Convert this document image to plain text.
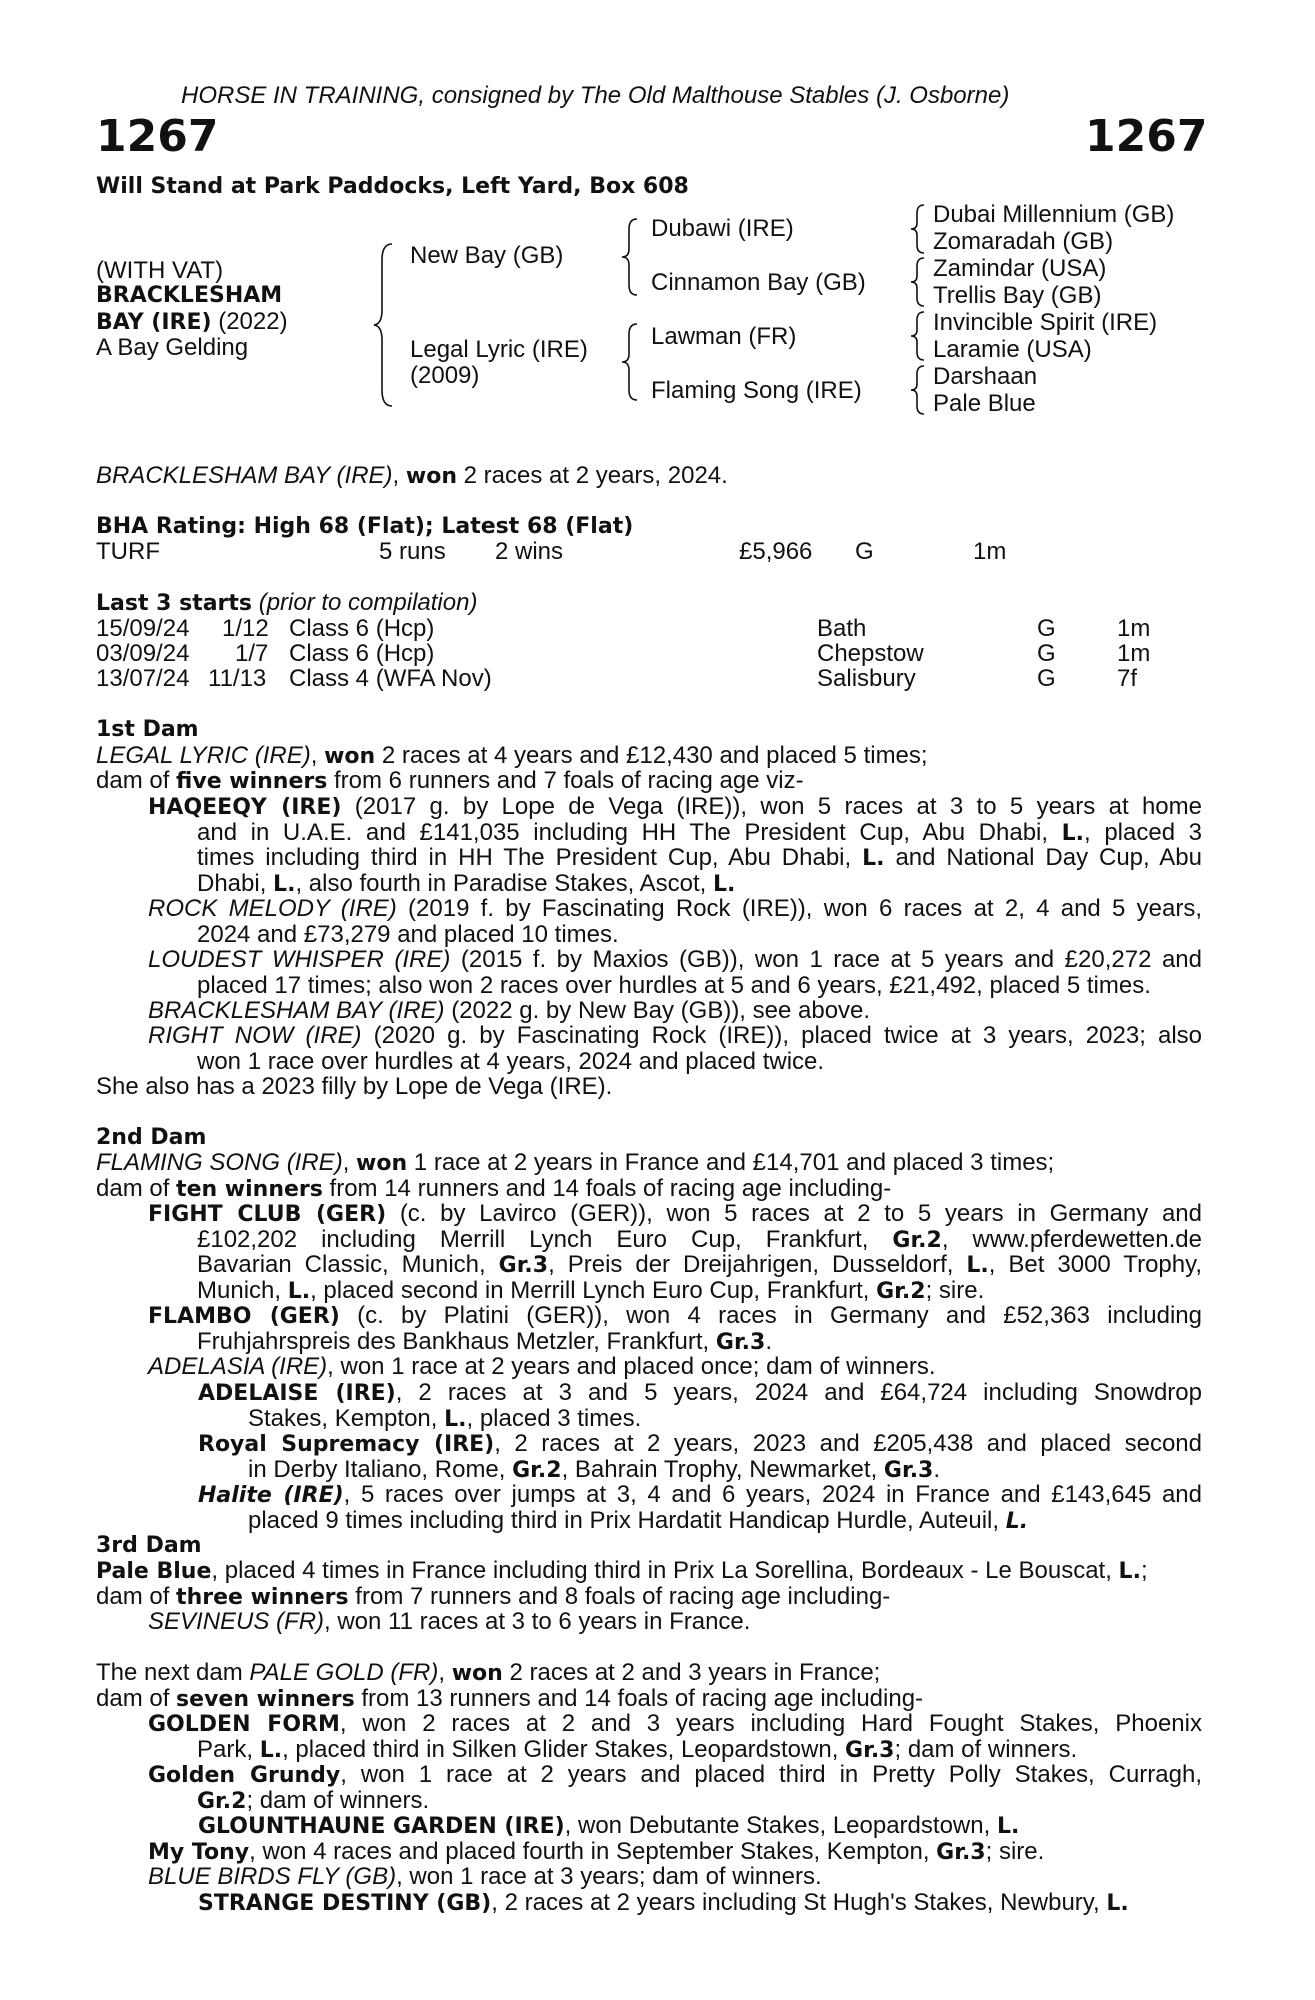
HORSE IN TRAINING, consigned by The Old Malthouse Stables (J. Osborne)
1267	1267
Will Stand at Park Paddocks, Left Yard, Box 608
(WITH VAT)
BRACKLESHAM
BAY (IRE) (2022)
A Bay Gelding
New Bay (GB)
Legal Lyric (IRE)
(2009)
Dubawi (IRE)
Cinnamon Bay (GB)
Lawman (FR)
Flaming Song (IRE)
Dubai Millennium (GB)
Zomaradah (GB)
Zamindar (USA)
Trellis Bay (GB)
Invincible Spirit (IRE)
Laramie (USA)
Darshaan
Pale Blue
BRACKLESHAM BAY (IRE), won 2 races at 2 years, 2024.
BHA Rating: High 68 (Flat); Latest 68 (Flat)
TURF	5 runs 2 wins	£5,966 G	1m
Last 3 starts (prior to compilation)
15/09/24 1/12 Class 6 (Hcp)	Bath	G	1m
03/09/24 1/7 Class 6 (Hcp)	Chepstow	G	1m
13/07/24 11/13 Class 4 (WFA Nov)	Salisbury	G	7f
1st Dam
LEGAL LYRIC (IRE), won 2 races at 4 years and £12,430 and placed 5 times;
dam of five winners from 6 runners and 7 foals of racing age viz-
HAQEEQY (IRE) (2017 g. by Lope de Vega (IRE)), won 5 races at 3 to 5 years at home
and in U.A.E. and £141,035 including HH The President Cup, Abu Dhabi, L., placed 3
times including third in HH The President Cup, Abu Dhabi, L. and National Day Cup, Abu
Dhabi, L., also fourth in Paradise Stakes, Ascot, L.
ROCK MELODY (IRE) (2019 f. by Fascinating Rock (IRE)), won 6 races at 2, 4 and 5 years,
2024 and £73,279 and placed 10 times.
LOUDEST WHISPER (IRE) (2015 f. by Maxios (GB)), won 1 race at 5 years and £20,272 and
placed 17 times; also won 2 races over hurdles at 5 and 6 years, £21,492, placed 5 times.
BRACKLESHAM BAY (IRE) (2022 g. by New Bay (GB)), see above.
RIGHT NOW (IRE) (2020 g. by Fascinating Rock (IRE)), placed twice at 3 years, 2023; also
won 1 race over hurdles at 4 years, 2024 and placed twice.
She also has a 2023 filly by Lope de Vega (IRE).
2nd Dam
FLAMING SONG (IRE), won 1 race at 2 years in France and £14,701 and placed 3 times;
dam of ten winners from 14 runners and 14 foals of racing age including-
FIGHT CLUB (GER) (c. by Lavirco (GER)), won 5 races at 2 to 5 years in Germany and
£102,202 including Merrill Lynch Euro Cup, Frankfurt, Gr.2, www.pferdewetten.de
Bavarian Classic, Munich, Gr.3, Preis der Dreijahrigen, Dusseldorf, L., Bet 3000 Trophy,
Munich, L., placed second in Merrill Lynch Euro Cup, Frankfurt, Gr.2; sire.
FLAMBO (GER) (c. by Platini (GER)), won 4 races in Germany and £52,363 including
Fruhjahrspreis des Bankhaus Metzler, Frankfurt, Gr.3.
ADELASIA (IRE), won 1 race at 2 years and placed once; dam of winners.
ADELAISE (IRE), 2 races at 3 and 5 years, 2024 and £64,724 including Snowdrop
Stakes, Kempton, L., placed 3 times.
Royal Supremacy (IRE), 2 races at 2 years, 2023 and £205,438 and placed second
in Derby Italiano, Rome, Gr.2, Bahrain Trophy, Newmarket, Gr.3.
Halite (IRE), 5 races over jumps at 3, 4 and 6 years, 2024 in France and £143,645 and
placed 9 times including third in Prix Hardatit Handicap Hurdle, Auteuil, L.
3rd Dam
Pale Blue, placed 4 times in France including third in Prix La Sorellina, Bordeaux - Le Bouscat, L.;
dam of three winners from 7 runners and 8 foals of racing age including-
SEVINEUS (FR), won 11 races at 3 to 6 years in France.
The next dam PALE GOLD (FR), won 2 races at 2 and 3 years in France;
dam of seven winners from 13 runners and 14 foals of racing age including-
GOLDEN FORM, won 2 races at 2 and 3 years including Hard Fought Stakes, Phoenix
Park, L., placed third in Silken Glider Stakes, Leopardstown, Gr.3; dam of winners.
Golden Grundy, won 1 race at 2 years and placed third in Pretty Polly Stakes, Curragh,
Gr.2; dam of winners.
GLOUNTHAUNE GARDEN (IRE), won Debutante Stakes, Leopardstown, L.
My Tony, won 4 races and placed fourth in September Stakes, Kempton, Gr.3; sire.
BLUE BIRDS FLY (GB), won 1 race at 3 years; dam of winners.
STRANGE DESTINY (GB), 2 races at 2 years including St Hugh's Stakes, Newbury, L.
